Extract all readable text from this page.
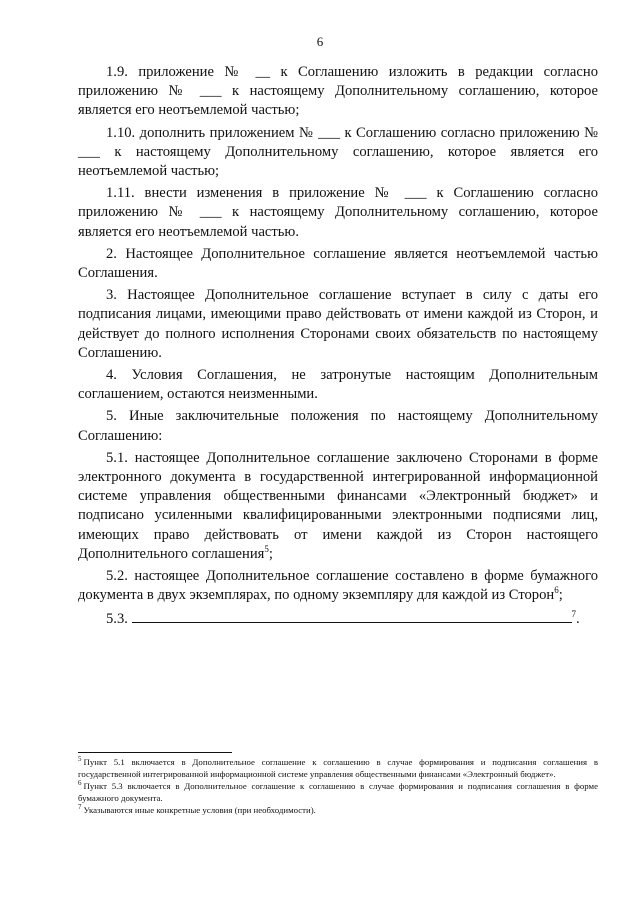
6

1.9. приложение № __ к Соглашению изложить в редакции согласно приложению № ___ к настоящему Дополнительному соглашению, которое является его неотъемлемой частью;

1.10. дополнить приложением № ___ к Соглашению согласно приложению № ___ к настоящему Дополнительному соглашению, которое является его неотъемлемой частью;

1.11. внести изменения в приложение № ___ к Соглашению согласно приложению № ___ к настоящему Дополнительному соглашению, которое является его неотъемлемой частью.

2. Настоящее Дополнительное соглашение является неотъемлемой частью Соглашения.

3. Настоящее Дополнительное соглашение вступает в силу с даты его подписания лицами, имеющими право действовать от имени каждой из Сторон, и действует до полного исполнения Сторонами своих обязательств по настоящему Соглашению.

4. Условия Соглашения, не затронутые настоящим Дополнительным соглашением, остаются неизменными.

5. Иные заключительные положения по настоящему Дополнительному Соглашению:

5.1. настоящее Дополнительное соглашение заключено Сторонами в форме электронного документа в государственной интегрированной информационной системе управления общественными финансами «Электронный бюджет» и подписано усиленными квалифицированными электронными подписями лиц, имеющих право действовать от имени каждой из Сторон настоящего Дополнительного соглашения$^5$;

5.2. настоящее Дополнительное соглашение составлено в форме бумажного документа в двух экземплярах, по одному экземпляру для каждой из Сторон$^6$;

5.3.	$^7$.

$^5$ Пункт 5.1 включается в Дополнительное соглашение к соглашению в случае формирования и подписания соглашения в государственной интегрированной информационной системе управления общественными финансами «Электронный бюджет».

$^6$ Пункт 5.3 включается в Дополнительное соглашение к соглашению в случае формирования и подписания соглашения в форме бумажного документа.

$^7$ Указываются иные конкретные условия (при необходимости).
